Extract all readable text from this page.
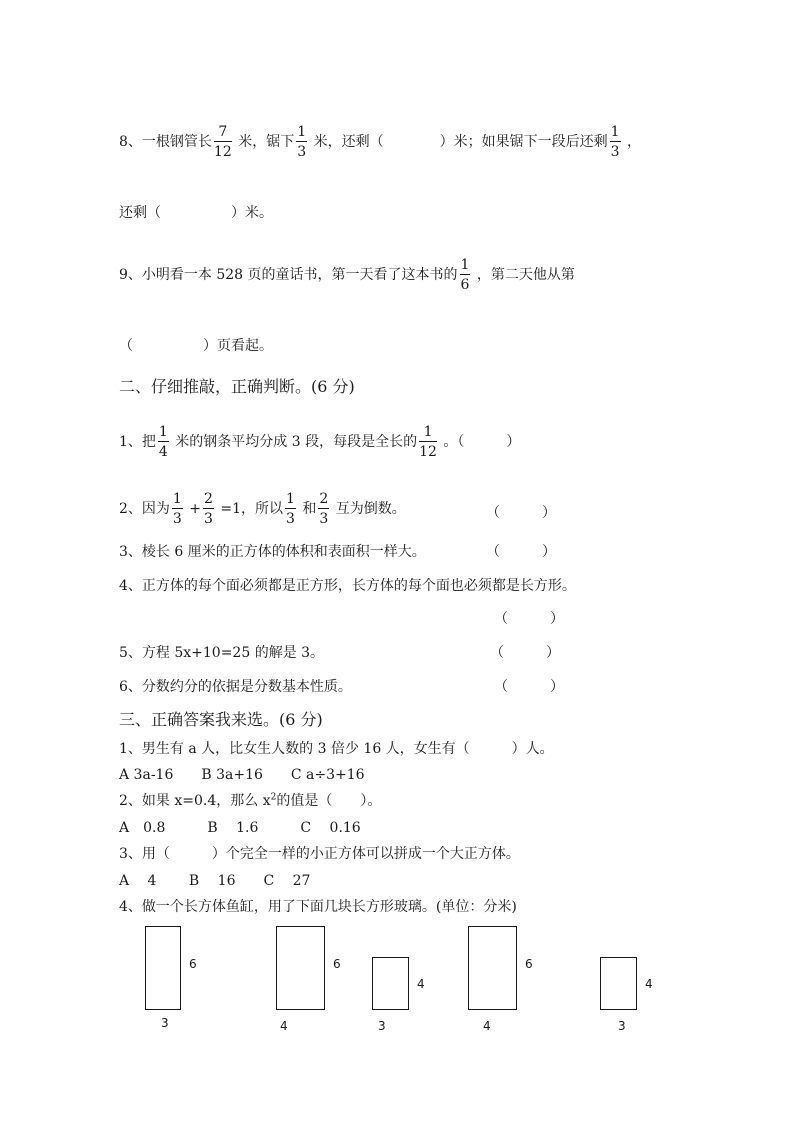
8、一根钢管长 $\frac{7}{12}$ 米，锯下 $\frac{1}{3}$ 米，还剩（　　　　）米；如果锯下一段后还剩 $\frac{1}{3}$ ，
还剩（　　　　　）米。
9、小明看一本 528 页的童话书，第一天看了这本书的 $\frac{1}{6}$ ，第二天他从第
（　　　　　）页看起。
二、仔细推敲，正确判断。(6 分)
1、把 $\frac{1}{4}$ 米的钢条平均分成 3 段，每段是全长的 $\frac{1}{12}$ 。（　　　）
2、因为 $\frac{1}{3} + \frac{2}{3} =1$，所以 $\frac{1}{3}$ 和 $\frac{2}{3}$ 互为倒数。	（　　　）
3、棱长 6 厘米的正方体的体积和表面积一样大。	（　　　）
4、正方体的每个面必须都是正方形，长方体的每个面也必须都是长方形。
（　　　）
5、方程 5x+10=25 的解是 3。	（　　　）
6、分数约分的依据是分数基本性质。	（　　　）
三、正确答案我来选。(6 分)
1、男生有 a 人，比女生人数的 3 倍少 16 人，女生有（　　　）人。
A 3a-16　　B 3a+16　　C a÷3+16
2、如果 x=0.4，那么 $x^2$的值是（　　）。
A　0.8　　　B　 1.6　　　C　 0.16
3、用（　　　）个完全一样的小正方体可以拼成一个大正方体。
A　 4　　 B　 16　　C　 27
4、做一个长方体鱼缸，用了下面几块长方形玻璃。(单位：分米)
6
3
6
4
4
3
6
4
4
3
